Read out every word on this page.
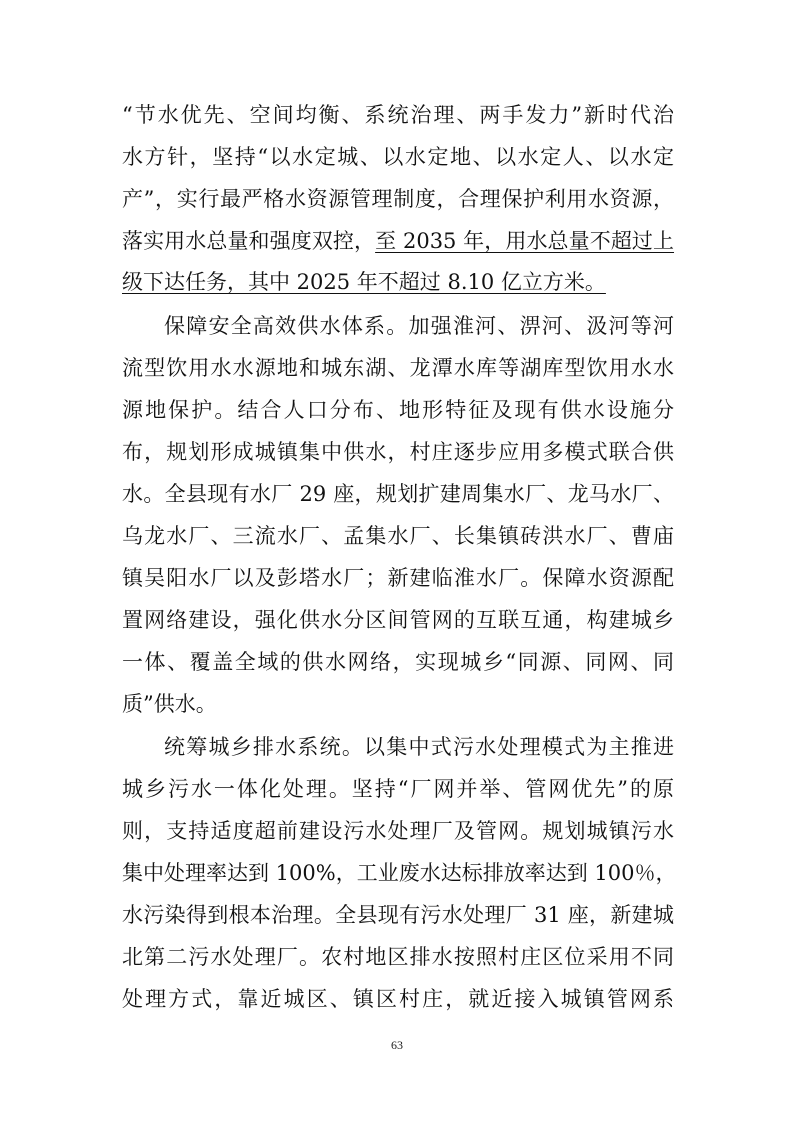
“节水优先、空间均衡、系统治理、两手发力”新时代治
水方针，坚持“以水定城、以水定地、以水定人、以水定
产”，实行最严格水资源管理制度，合理保护利用水资源，
落实用水总量和强度双控，至 2035 年，用水总量不超过上
级下达任务，其中 2025 年不超过 8.10 亿立方米。
保障安全高效供水体系。加强淮河、淠河、汲河等河
流型饮用水水源地和城东湖、龙潭水库等湖库型饮用水水
源地保护。结合人口分布、地形特征及现有供水设施分
布，规划形成城镇集中供水，村庄逐步应用多模式联合供
水。全县现有水厂 29 座，规划扩建周集水厂、龙马水厂、
乌龙水厂、三流水厂、孟集水厂、长集镇砖洪水厂、曹庙
镇吴阳水厂以及彭塔水厂；新建临淮水厂。保障水资源配
置网络建设，强化供水分区间管网的互联互通，构建城乡
一体、覆盖全域的供水网络，实现城乡“同源、同网、同
质”供水。
统筹城乡排水系统。以集中式污水处理模式为主推进
城乡污水一体化处理。坚持“厂网并举、管网优先”的原
则，支持适度超前建设污水处理厂及管网。规划城镇污水
集中处理率达到 100%，工业废水达标排放率达到 100％，
水污染得到根本治理。全县现有污水处理厂 31 座，新建城
北第二污水处理厂。农村地区排水按照村庄区位采用不同
处理方式，靠近城区、镇区村庄，就近接入城镇管网系
63
